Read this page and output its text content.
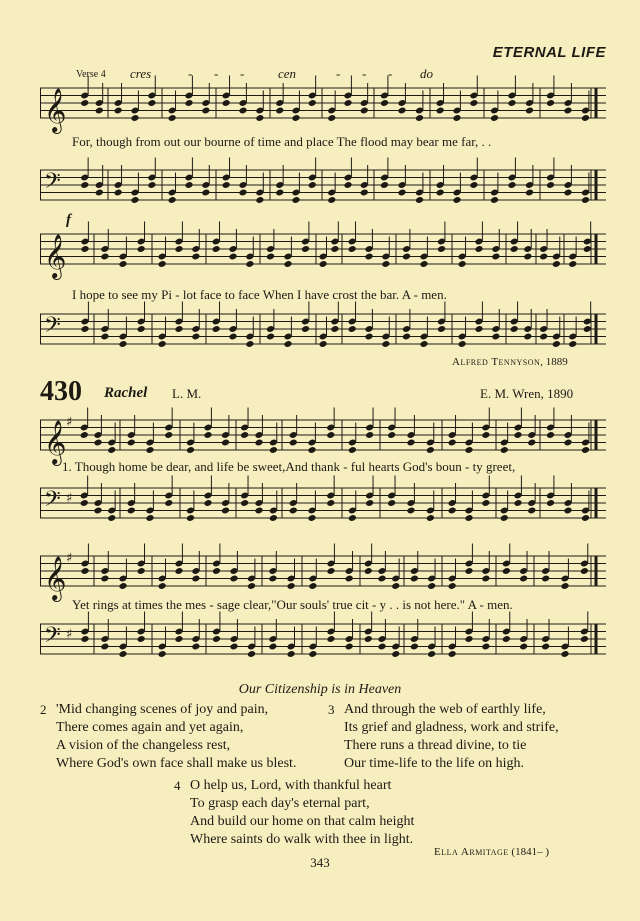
ETERNAL LIFE
Verse 4 cres	- - -	cen	- - - do
𝄞
For, though from out our bourne of time and place The flood may bear me far, . .
𝄢
f
𝄞
I hope to see my Pi - lot face to face When I have crost the bar. A - men.
𝄢
Alfred Tennyson, 1889
430 Rachel L. M.	E. M. Wren, 1890
𝄞 ♯
1. Though home be dear, and life be sweet,And thank - ful hearts God's boun - ty greet,
𝄢 ♯
𝄞 ♯
Yet rings at times the mes - sage clear,"Our souls' true cit - y . . is not here." A - men.
𝄢 ♯
Our Citizenship is in Heaven
2 'Mid changing scenes of joy and pain,
There comes again and yet again,
A vision of the changeless rest,
Where God's own face shall make us blest.
3 And through the web of earthly life,
Its grief and gladness, work and strife,
There runs a thread divine, to tie
Our time-life to the life on high.
4 O help us, Lord, with thankful heart
To grasp each day's eternal part,
And build our home on that calm height
Where saints do walk with thee in light.
Ella Armitage (1841– )
343
